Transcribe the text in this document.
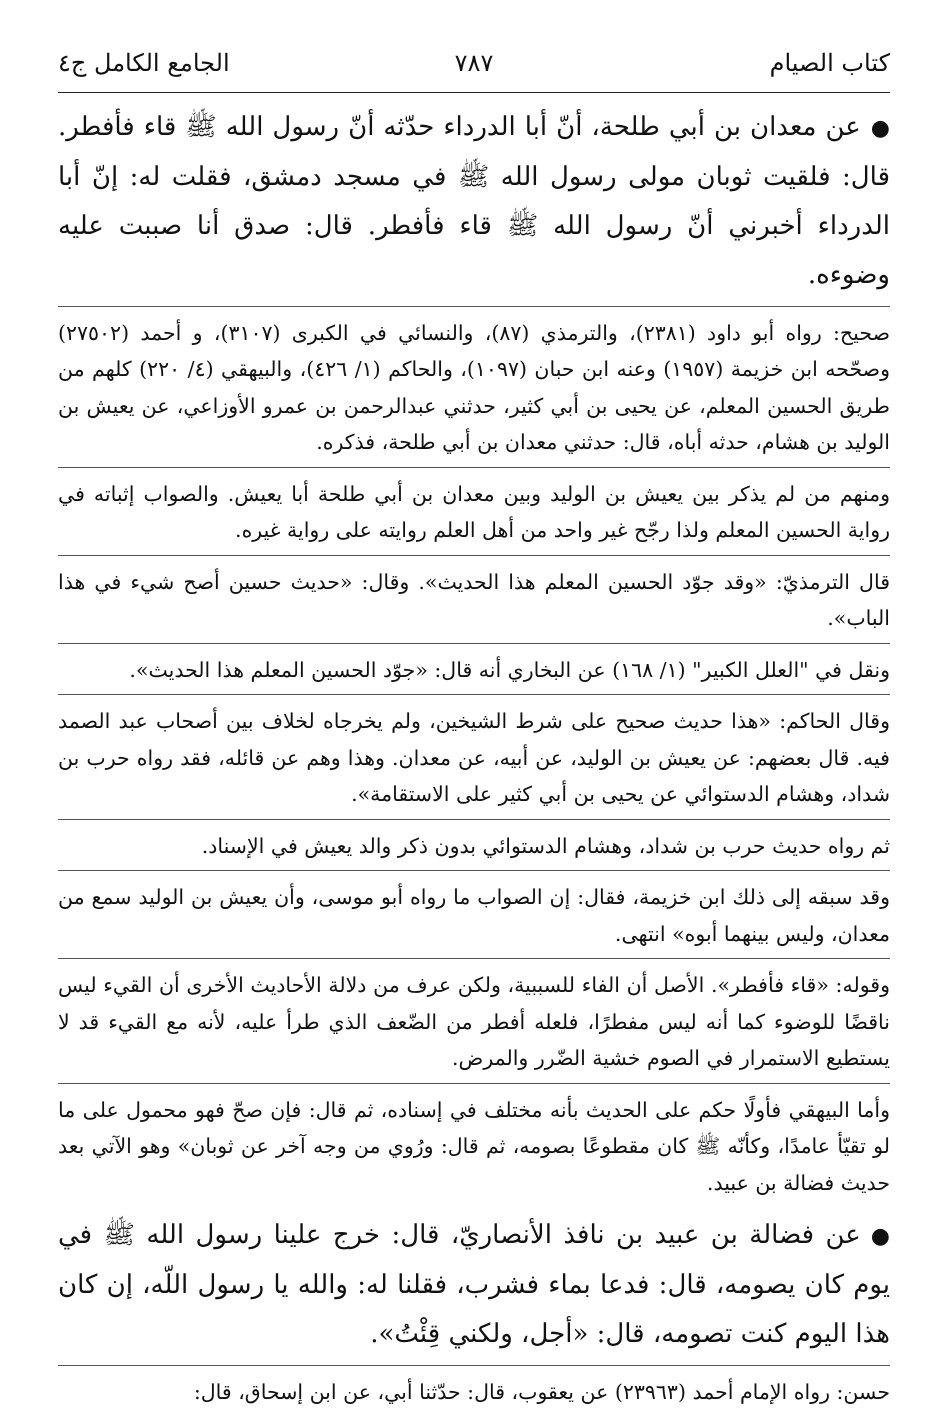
كتاب الصيام
٧٨٧
الجامع الكامل ج٤

●عن معدان بن أبي طلحة، أنّ أبا الدرداء حدّثه أنّ رسول الله ﷺ قاء فأفطر. قال: فلقيت ثوبان مولى رسول الله ﷺ في مسجد دمشق، فقلت له: إنّ أبا الدرداء أخبرني أنّ رسول الله ﷺ قاء فأفطر. قال: صدق أنا صببت عليه وضوءه.

صحيح: رواه أبو داود (٢٣٨١)، والترمذي (٨٧)، والنسائي في الكبرى (٣١٠٧)، و أحمد (٢٧٥٠٢) وصحّحه ابن خزيمة (١٩٥٧) وعنه ابن حبان (١٠٩٧)، والحاكم (١/ ٤٢٦)، والبيهقي (٤/ ٢٢٠) كلهم من طريق الحسين المعلم، عن يحيى بن أبي كثير، حدثني عبدالرحمن بن عمرو الأوزاعي، عن يعيش بن الوليد بن هشام، حدثه أباه، قال: حدثني معدان بن أبي طلحة، فذكره.

ومنهم من لم يذكر بين يعيش بن الوليد وبين معدان بن أبي طلحة أبا يعيش. والصواب إثباته في رواية الحسين المعلم ولذا رجّح غير واحد من أهل العلم روايته على رواية غيره.

قال الترمذيّ: «وقد جوّد الحسين المعلم هذا الحديث». وقال: «حديث حسين أصح شيء في هذا الباب».

ونقل في "العلل الكبير" (١/ ١٦٨) عن البخاري أنه قال: «جوّد الحسين المعلم هذا الحديث».

وقال الحاكم: «هذا حديث صحيح على شرط الشيخين، ولم يخرجاه لخلاف بين أصحاب عبد الصمد فيه. قال بعضهم: عن يعيش بن الوليد، عن أبيه، عن معدان. وهذا وهم عن قائله، فقد رواه حرب بن شداد، وهشام الدستوائي عن يحيى بن أبي كثير على الاستقامة».

ثم رواه حديث حرب بن شداد، وهشام الدستوائي بدون ذكر والد يعيش في الإسناد.

وقد سبقه إلى ذلك ابن خزيمة، فقال: إن الصواب ما رواه أبو موسى، وأن يعيش بن الوليد سمع من معدان، وليس بينهما أبوه» انتهى.

وقوله: «قاء فأفطر». الأصل أن الفاء للسببية، ولكن عرف من دلالة الأحاديث الأخرى أن القيء ليس ناقضًا للوضوء كما أنه ليس مفطرًا، فلعله أفطر من الضّعف الذي طرأ عليه، لأنه مع القيء قد لا يستطيع الاستمرار في الصوم خشية الضّرر والمرض.

وأما البيهقي فأولًا حكم على الحديث بأنه مختلف في إسناده، ثم قال: فإن صحّ فهو محمول على ما لو تقيّأ عامدًا، وكأنّه ﷺ كان مقطوعًا بصومه، ثم قال: ورُوي من وجه آخر عن ثوبان» وهو الآتي بعد حديث فضالة بن عبيد.

●عن فضالة بن عبيد بن نافذ الأنصاريّ، قال: خرج علينا رسول الله ﷺ في يوم كان يصومه، قال: فدعا بماء فشرب، فقلنا له: والله يا رسول اللّه، إن كان هذا اليوم كنت تصومه، قال: «أجل، ولكني قِئْتُ».

حسن: رواه الإمام أحمد (٢٣٩٦٣) عن يعقوب، قال: حدّثنا أبي، عن ابن إسحاق، قال:
